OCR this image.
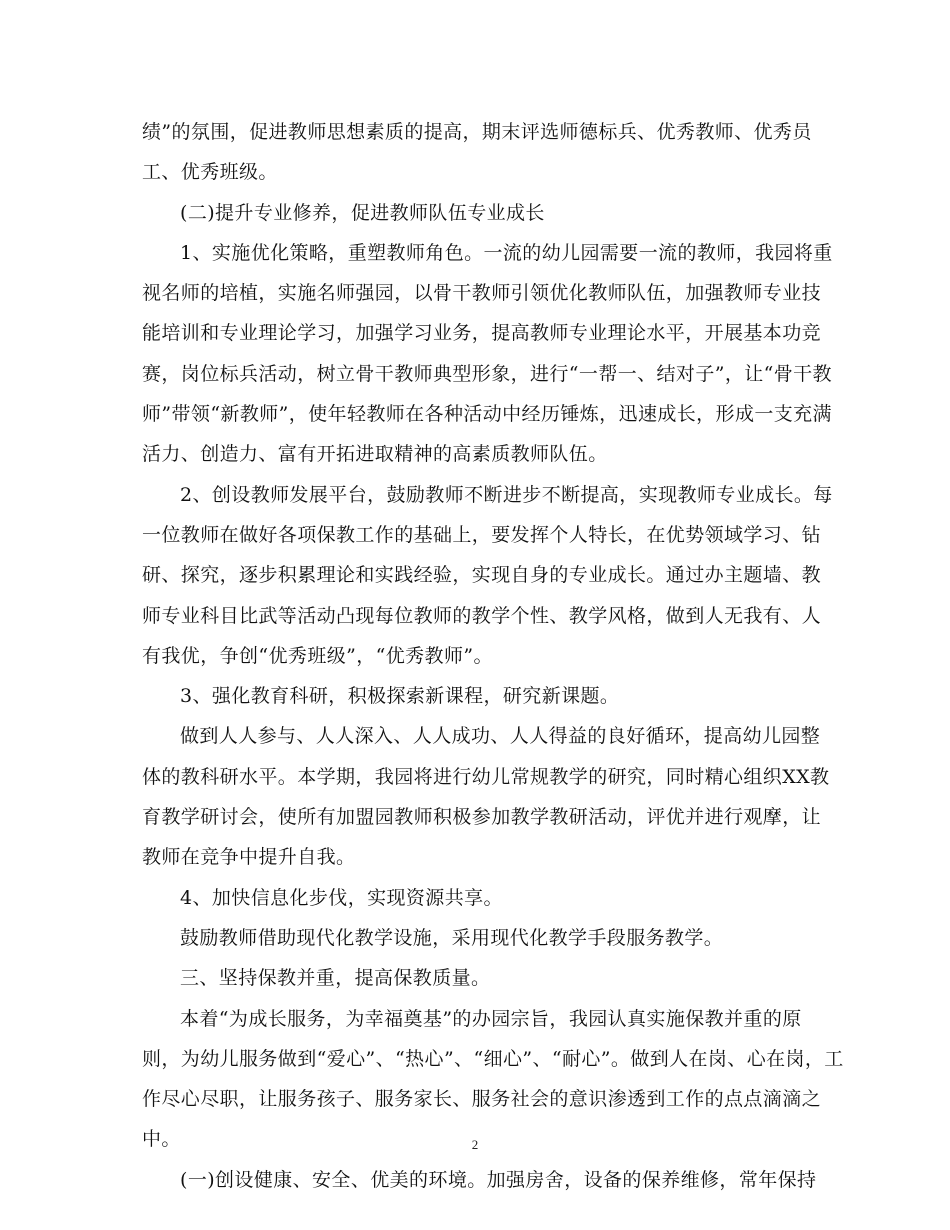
绩”的氛围，促进教师思想素质的提高，期末评选师德标兵、优秀教师、优秀员
工、优秀班级。
(二)提升专业修养，促进教师队伍专业成长
1、实施优化策略，重塑教师角色。一流的幼儿园需要一流的教师，我园将重
视名师的培植，实施名师强园，以骨干教师引领优化教师队伍，加强教师专业技
能培训和专业理论学习，加强学习业务，提高教师专业理论水平，开展基本功竞
赛，岗位标兵活动，树立骨干教师典型形象，进行“一帮一、结对子”，让“骨干教
师”带领“新教师”，使年轻教师在各种活动中经历锤炼，迅速成长，形成一支充满
活力、创造力、富有开拓进取精神的高素质教师队伍。
2、创设教师发展平台，鼓励教师不断进步不断提高，实现教师专业成长。每
一位教师在做好各项保教工作的基础上，要发挥个人特长，在优势领域学习、钻
研、探究，逐步积累理论和实践经验，实现自身的专业成长。通过办主题墙、教
师专业科目比武等活动凸现每位教师的教学个性、教学风格，做到人无我有、人
有我优，争创“优秀班级”，“优秀教师”。
3、强化教育科研，积极探索新课程，研究新课题。
做到人人参与、人人深入、人人成功、人人得益的良好循环，提高幼儿园整
体的教科研水平。本学期，我园将进行幼儿常规教学的研究，同时精心组织XX教
育教学研讨会，使所有加盟园教师积极参加教学教研活动，评优并进行观摩，让
教师在竞争中提升自我。
4、加快信息化步伐，实现资源共享。
鼓励教师借助现代化教学设施，采用现代化教学手段服务教学。
三、坚持保教并重，提高保教质量。
本着“为成长服务，为幸福奠基”的办园宗旨，我园认真实施保教并重的原
则，为幼儿服务做到“爱心”、“热心”、“细心”、“耐心”。做到人在岗、心在岗，工
作尽心尽职，让服务孩子、服务家长、服务社会的意识渗透到工作的点点滴滴之
中。
(一)创设健康、安全、优美的环境。加强房舍，设备的保养维修，常年保持
2
